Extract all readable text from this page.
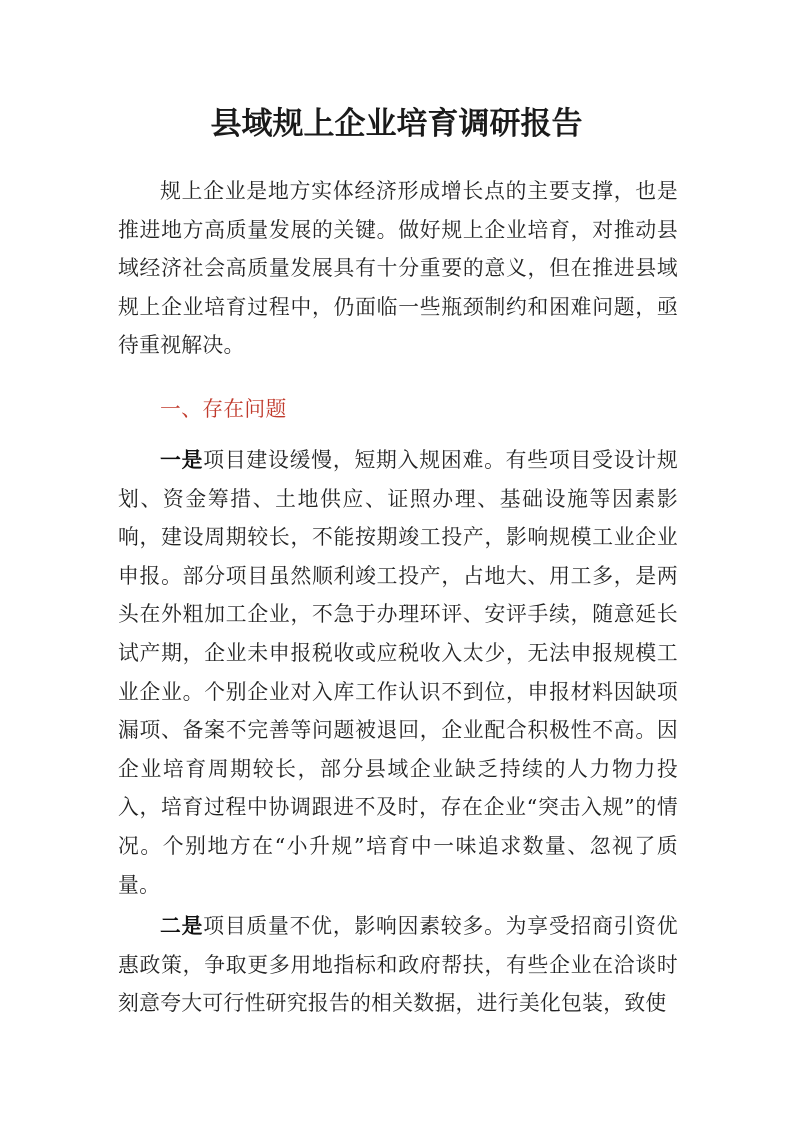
县域规上企业培育调研报告

规上企业是地方实体经济形成增长点的主要支撑，也是推进地方高质量发展的关键。做好规上企业培育，对推动县域经济社会高质量发展具有十分重要的意义，但在推进县域规上企业培育过程中，仍面临一些瓶颈制约和困难问题，亟待重视解决。

一、存在问题

一是项目建设缓慢，短期入规困难。有些项目受设计规划、资金筹措、土地供应、证照办理、基础设施等因素影响，建设周期较长，不能按期竣工投产，影响规模工业企业申报。部分项目虽然顺利竣工投产，占地大、用工多，是两头在外粗加工企业，不急于办理环评、安评手续，随意延长试产期，企业未申报税收或应税收入太少，无法申报规模工业企业。个别企业对入库工作认识不到位，申报材料因缺项漏项、备案不完善等问题被退回，企业配合积极性不高。因企业培育周期较长，部分县域企业缺乏持续的人力物力投入，培育过程中协调跟进不及时，存在企业“突击入规”的情况。个别地方在“小升规”培育中一味追求数量、忽视了质量。

二是项目质量不优，影响因素较多。为享受招商引资优惠政策，争取更多用地指标和政府帮扶，有些企业在洽谈时刻意夸大可行性研究报告的相关数据，进行美化包装，致使
